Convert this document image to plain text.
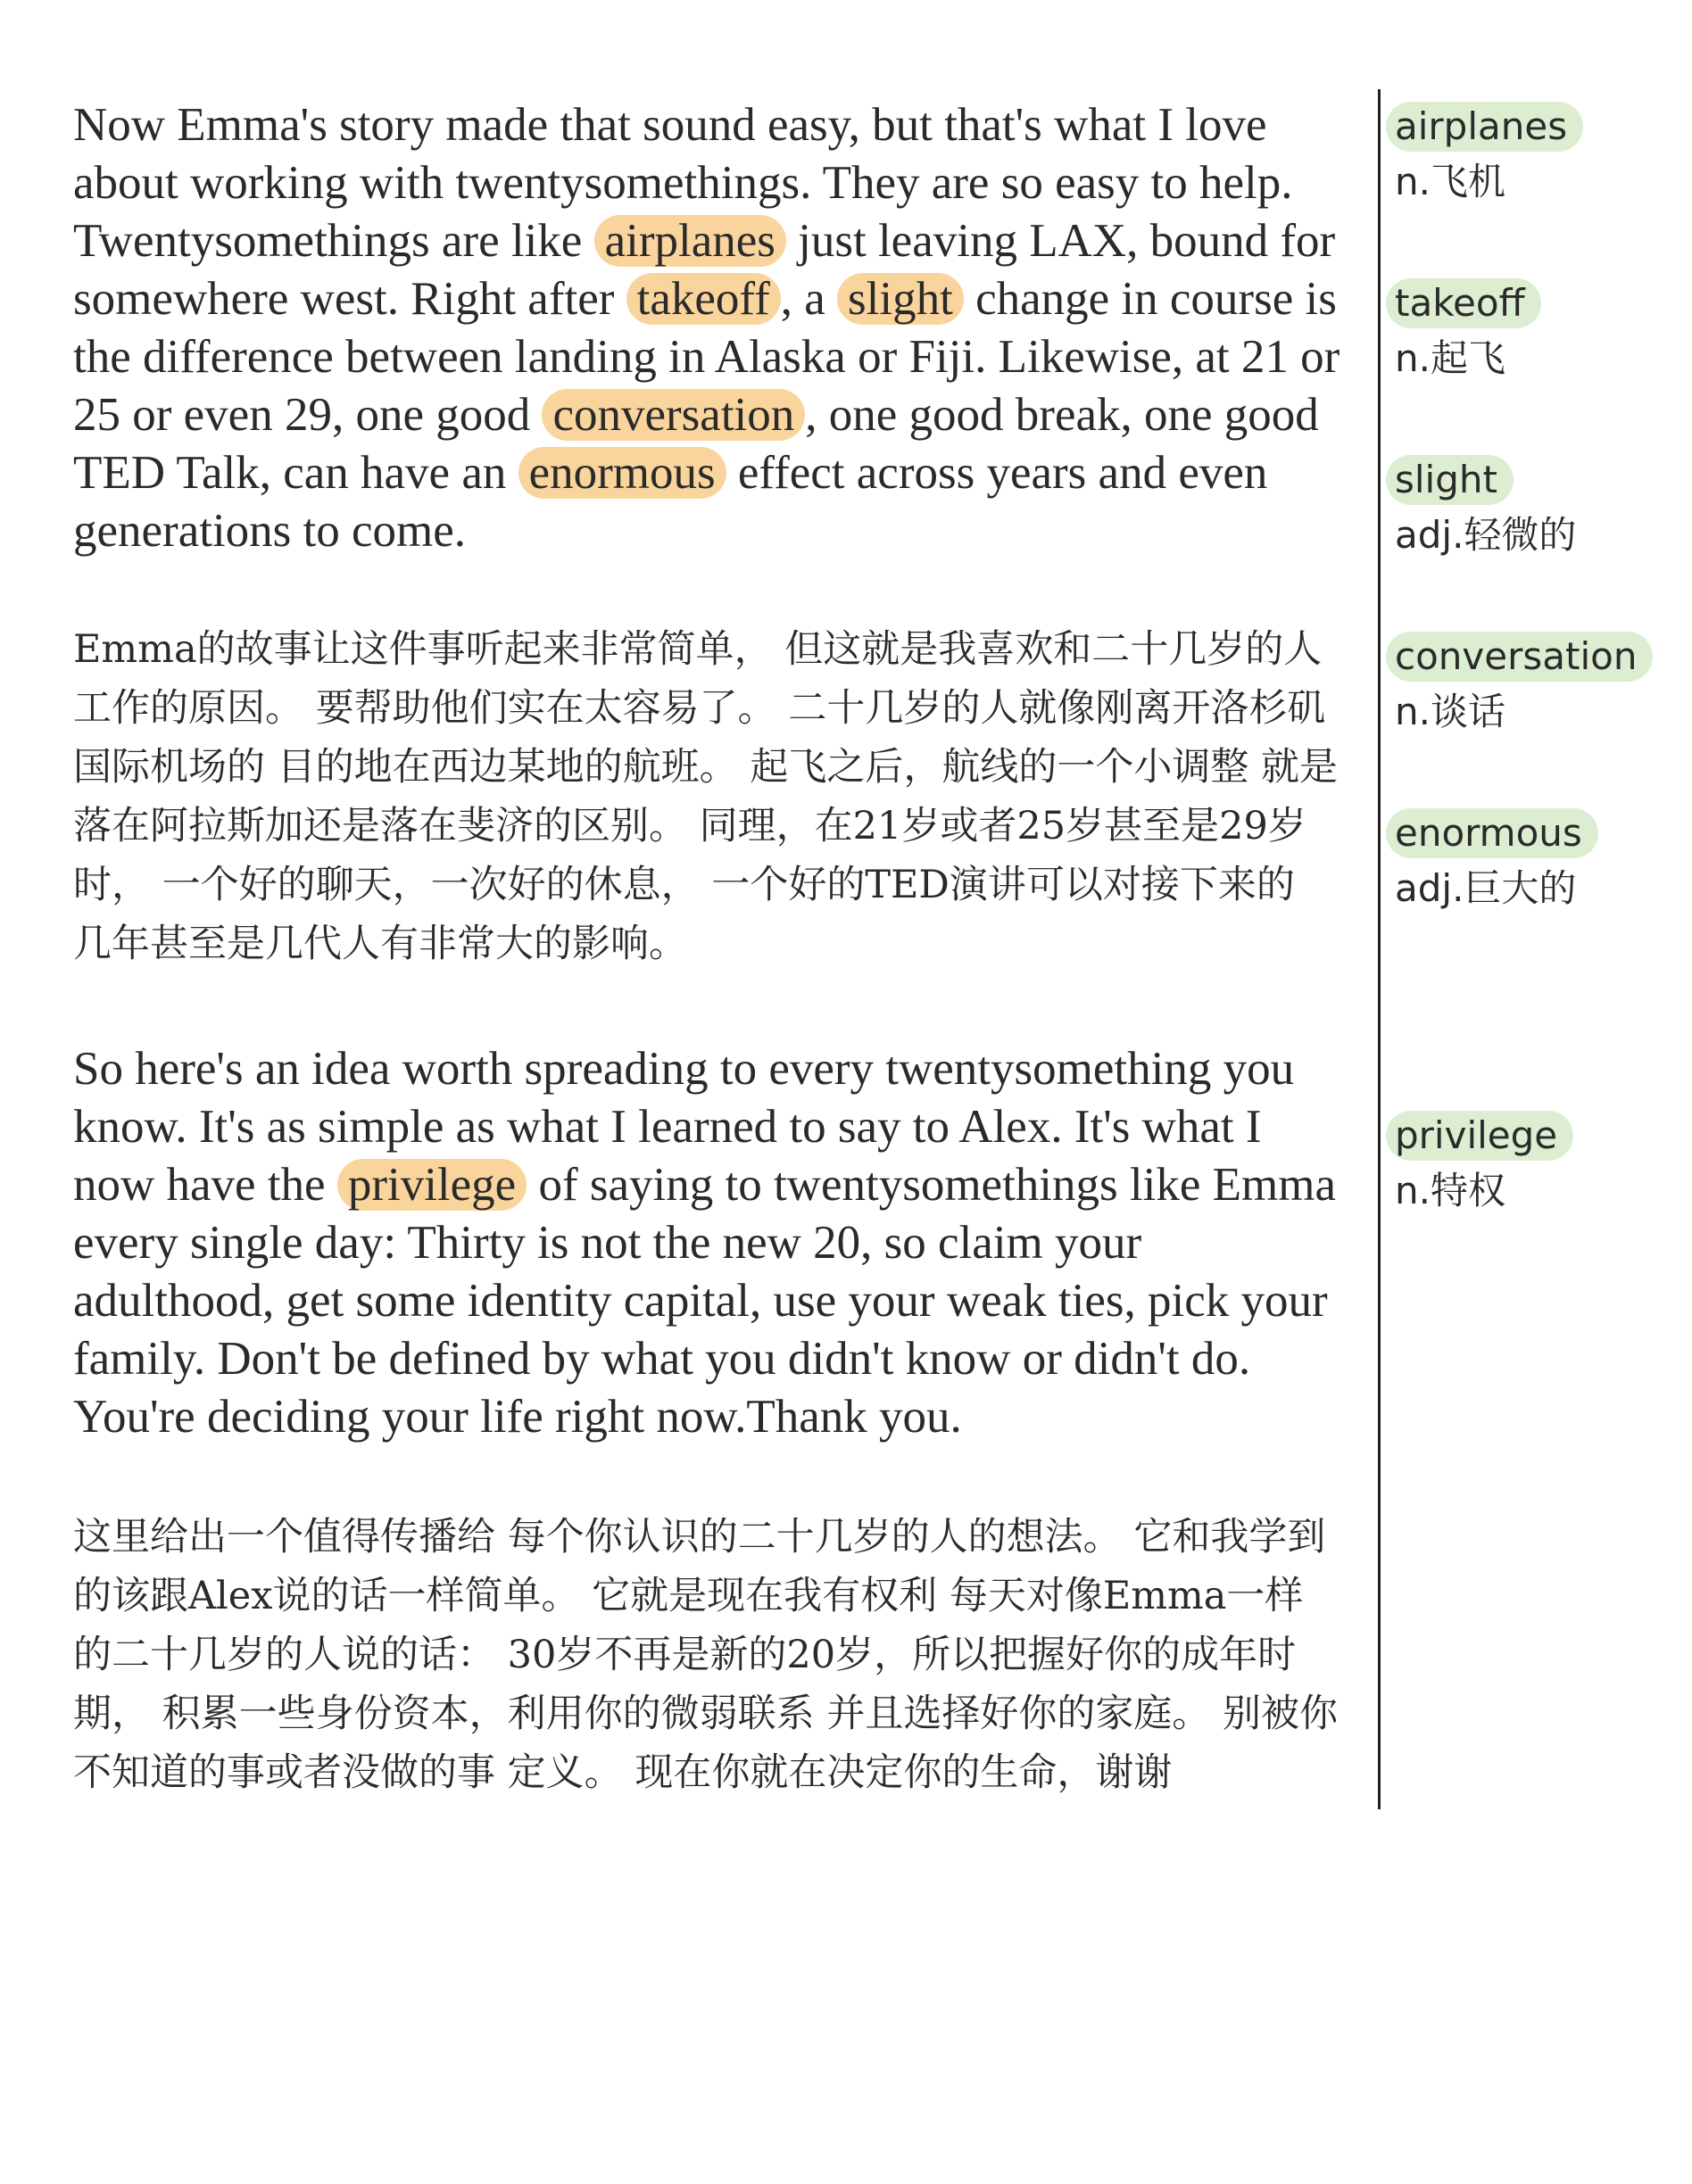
Now Emma's story made that sound easy, but that's what I love about working with twentysomethings. They are so easy to help. Twentysomethings are like airplanes just leaving LAX, bound for somewhere west. Right after takeoff , a slight change in course is the difference between landing in Alaska or Fiji. Likewise, at 21 or 25 or even 29, one good conversation , one good break, one good TED Talk, can have an enormous effect across years and even generations to come.

Emma的故事让这件事听起来非常简单， 但这就是我喜欢和二十几岁的人工作的原因。 要帮助他们实在太容易了。 二十几岁的人就像刚离开洛杉矶国际机场的 目的地在西边某地的航班。 起飞之后，航线的一个小调整 就是落在阿拉斯加还是落在斐济的区别。 同理，在21岁或者25岁甚至是29岁时， 一个好的聊天，一次好的休息， 一个好的TED演讲可以对接下来的 几年甚至是几代人有非常大的影响。

So here's an idea worth spreading to every twentysomething you know. It's as simple as what I learned to say to Alex. It's what I now have the privilege of saying to twentysomethings like Emma every single day: Thirty is not the new 20, so claim your adulthood, get some identity capital, use your weak ties, pick your family. Don't be defined by what you didn't know or didn't do. You're deciding your life right now.Thank you.

这里给出一个值得传播给 每个你认识的二十几岁的人的想法。 它和我学到的该跟Alex说的话一样简单。 它就是现在我有权利 每天对像Emma一样的二十几岁的人说的话： 30岁不再是新的20岁，所以把握好你的成年时期， 积累一些身份资本，利用你的微弱联系 并且选择好你的家庭。 别被你不知道的事或者没做的事 定义。 现在你就在决定你的生命，谢谢

airplanes
n.飞机
takeoff
n.起飞
slight
adj.轻微的
conversation
n.谈话
enormous
adj.巨大的
privilege
n.特权
